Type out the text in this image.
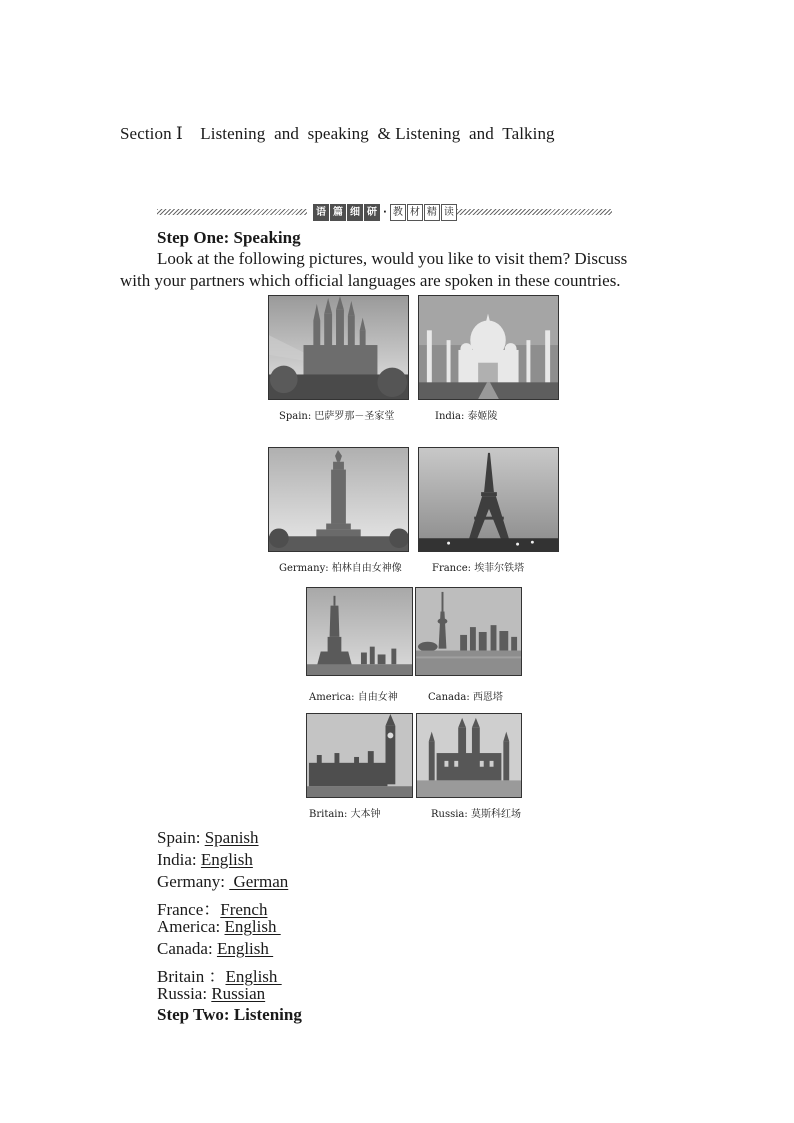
Section Ⅰ    Listening  and  speaking  & Listening  and  Talking
语 篇 细 研 · 教 材 精 读
Step One: Speaking
Look at the following pictures, would you like to visit them? Discuss
with your partners which official languages are spoken in these countries.
Spain: 巴萨罗那－圣家堂	India: 泰姬陵
Germany: 柏林自由女神像	France: 埃菲尔铁塔
America: 自由女神	Canada: 西恩塔
Britain: 大本钟	Russia: 莫斯科红场
Spain: Spanish
India: English
Germany:  German
France：French
America: English
Canada: English
Britain ：English
Russia: Russian
Step Two: Listening
